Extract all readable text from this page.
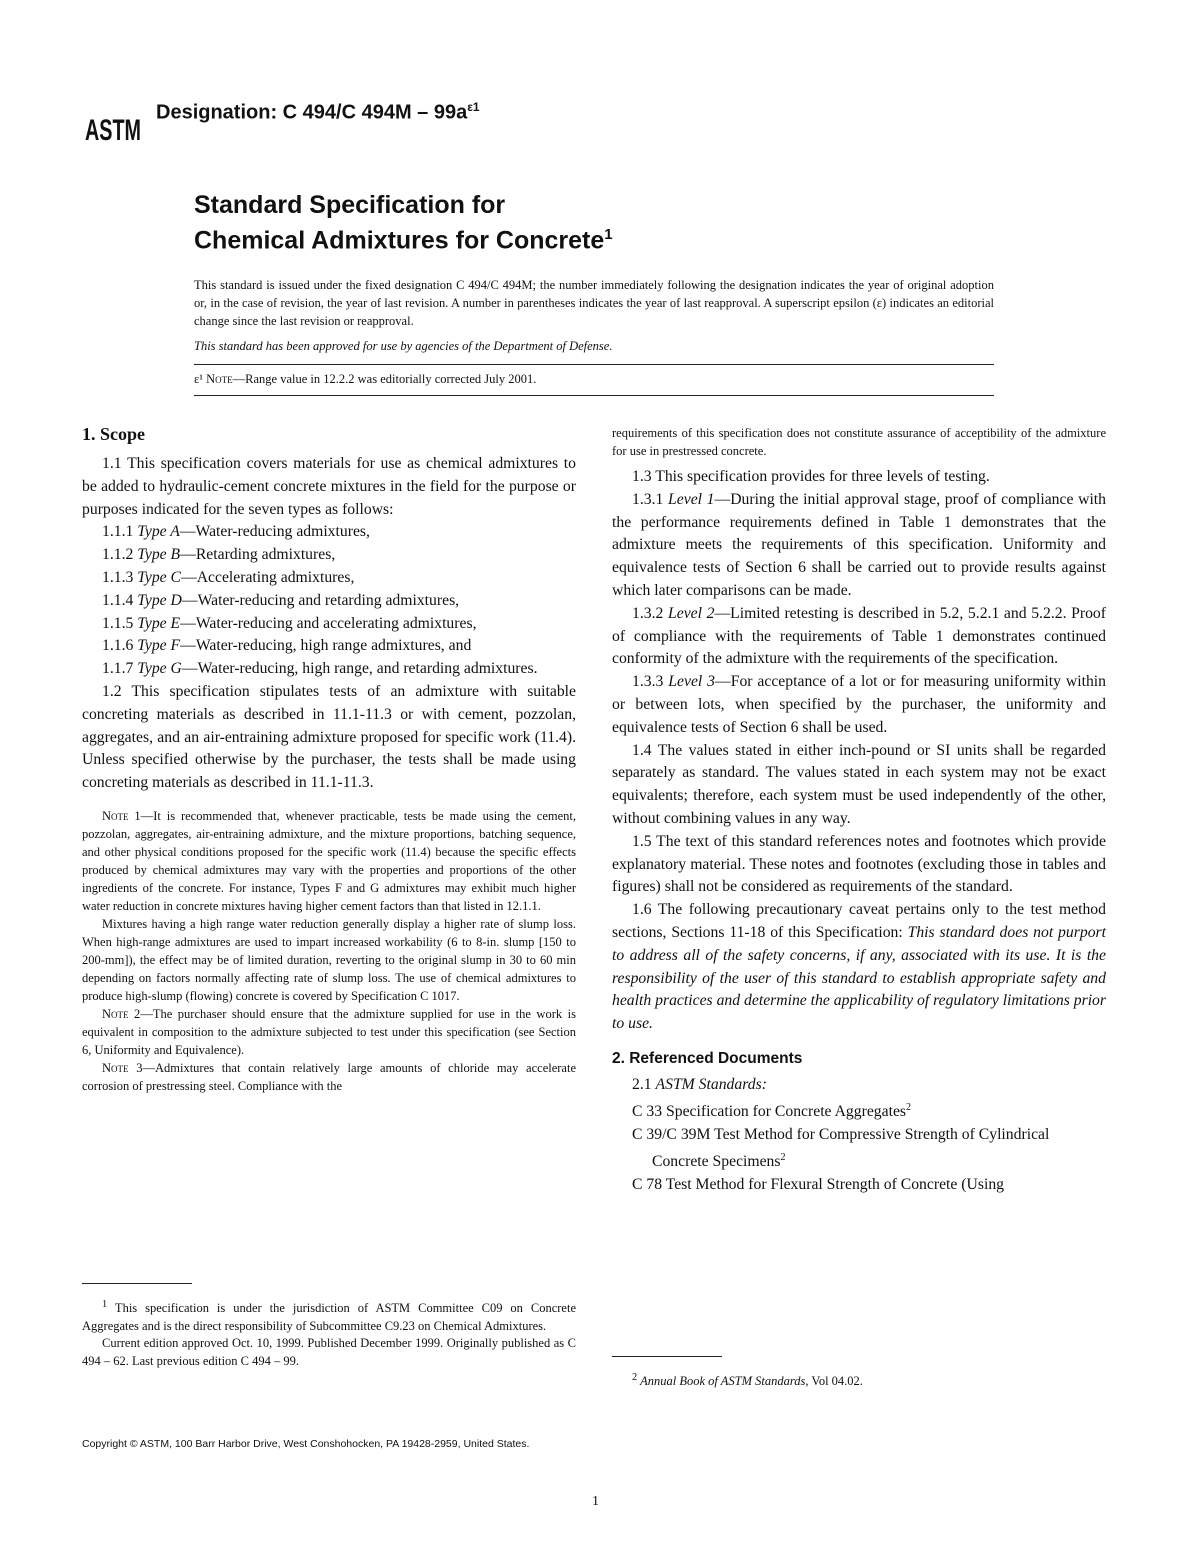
ASTM
Designation: C 494/C $494M - 99a^{\varepsilon 1}$
Standard Specification for
Chemical Admixtures for Concrete$^1$

This standard is issued under the fixed designation C 494/C 494M; the number immediately following the designation indicates the year of original adoption or, in the case of revision, the year of last revision. A number in parentheses indicates the year of last reapproval. A superscript epsilon (ε) indicates an editorial change since the last revision or reapproval.

This standard has been approved for use by agencies of the Department of Defense.

ε¹ Note—Range value in 12.2.2 was editorially corrected July 2001.

1. Scope

1.1 This specification covers materials for use as chemical admixtures to be added to hydraulic-cement concrete mixtures in the field for the purpose or purposes indicated for the seven types as follows:

1.1.1 Type A—Water-reducing admixtures,

1.1.2 Type B—Retarding admixtures,

1.1.3 Type C—Accelerating admixtures,

1.1.4 Type D—Water-reducing and retarding admixtures,

1.1.5 Type E—Water-reducing and accelerating admixtures,

1.1.6 Type F—Water-reducing, high range admixtures, and

1.1.7 Type G—Water-reducing, high range, and retarding admixtures.

1.2 This specification stipulates tests of an admixture with suitable concreting materials as described in 11.1-11.3 or with cement, pozzolan, aggregates, and an air-entraining admixture proposed for specific work (11.4). Unless specified otherwise by the purchaser, the tests shall be made using concreting materials as described in 11.1-11.3.

Note 1—It is recommended that, whenever practicable, tests be made using the cement, pozzolan, aggregates, air-entraining admixture, and the mixture proportions, batching sequence, and other physical conditions proposed for the specific work (11.4) because the specific effects produced by chemical admixtures may vary with the properties and proportions of the other ingredients of the concrete. For instance, Types F and G admixtures may exhibit much higher water reduction in concrete mixtures having higher cement factors than that listed in 12.1.1.

Mixtures having a high range water reduction generally display a higher rate of slump loss. When high-range admixtures are used to impart increased workability (6 to 8-in. slump [150 to 200-mm]), the effect may be of limited duration, reverting to the original slump in 30 to 60 min depending on factors normally affecting rate of slump loss. The use of chemical admixtures to produce high-slump (flowing) concrete is covered by Specification C 1017.

Note 2—The purchaser should ensure that the admixture supplied for use in the work is equivalent in composition to the admixture subjected to test under this specification (see Section 6, Uniformity and Equivalence).

Note 3—Admixtures that contain relatively large amounts of chloride may accelerate corrosion of prestressing steel. Compliance with the

$^1$ This specification is under the jurisdiction of ASTM Committee C09 on Concrete Aggregates and is the direct responsibility of Subcommittee C9.23 on Chemical Admixtures.

Current edition approved Oct. 10, 1999. Published December 1999. Originally published as C 494 – 62. Last previous edition C 494 – 99.

requirements of this specification does not constitute assurance of acceptibility of the admixture for use in prestressed concrete.

1.3 This specification provides for three levels of testing.

1.3.1 Level 1—During the initial approval stage, proof of compliance with the performance requirements defined in Table 1 demonstrates that the admixture meets the requirements of this specification. Uniformity and equivalence tests of Section 6 shall be carried out to provide results against which later comparisons can be made.

1.3.2 Level 2—Limited retesting is described in 5.2, 5.2.1 and 5.2.2. Proof of compliance with the requirements of Table 1 demonstrates continued conformity of the admixture with the requirements of the specification.

1.3.3 Level 3—For acceptance of a lot or for measuring uniformity within or between lots, when specified by the purchaser, the uniformity and equivalence tests of Section 6 shall be used.

1.4 The values stated in either inch-pound or SI units shall be regarded separately as standard. The values stated in each system may not be exact equivalents; therefore, each system must be used independently of the other, without combining values in any way.

1.5 The text of this standard references notes and footnotes which provide explanatory material. These notes and footnotes (excluding those in tables and figures) shall not be considered as requirements of the standard.

1.6 The following precautionary caveat pertains only to the test method sections, Sections 11-18 of this Specification: This standard does not purport to address all of the safety concerns, if any, associated with its use. It is the responsibility of the user of this standard to establish appropriate safety and health practices and determine the applicability of regulatory limitations prior to use.

2. Referenced Documents

2.1 ASTM Standards:

C 33 Specification for Concrete Aggregates$^2$

C 39/C 39M Test Method for Compressive Strength of Cylindrical Concrete Specimens$^2$

C 78 Test Method for Flexural Strength of Concrete (Using

$^2$ Annual Book of ASTM Standards, Vol 04.02.

Copyright © ASTM, 100 Barr Harbor Drive, West Conshohocken, PA 19428-2959, United States.

1
